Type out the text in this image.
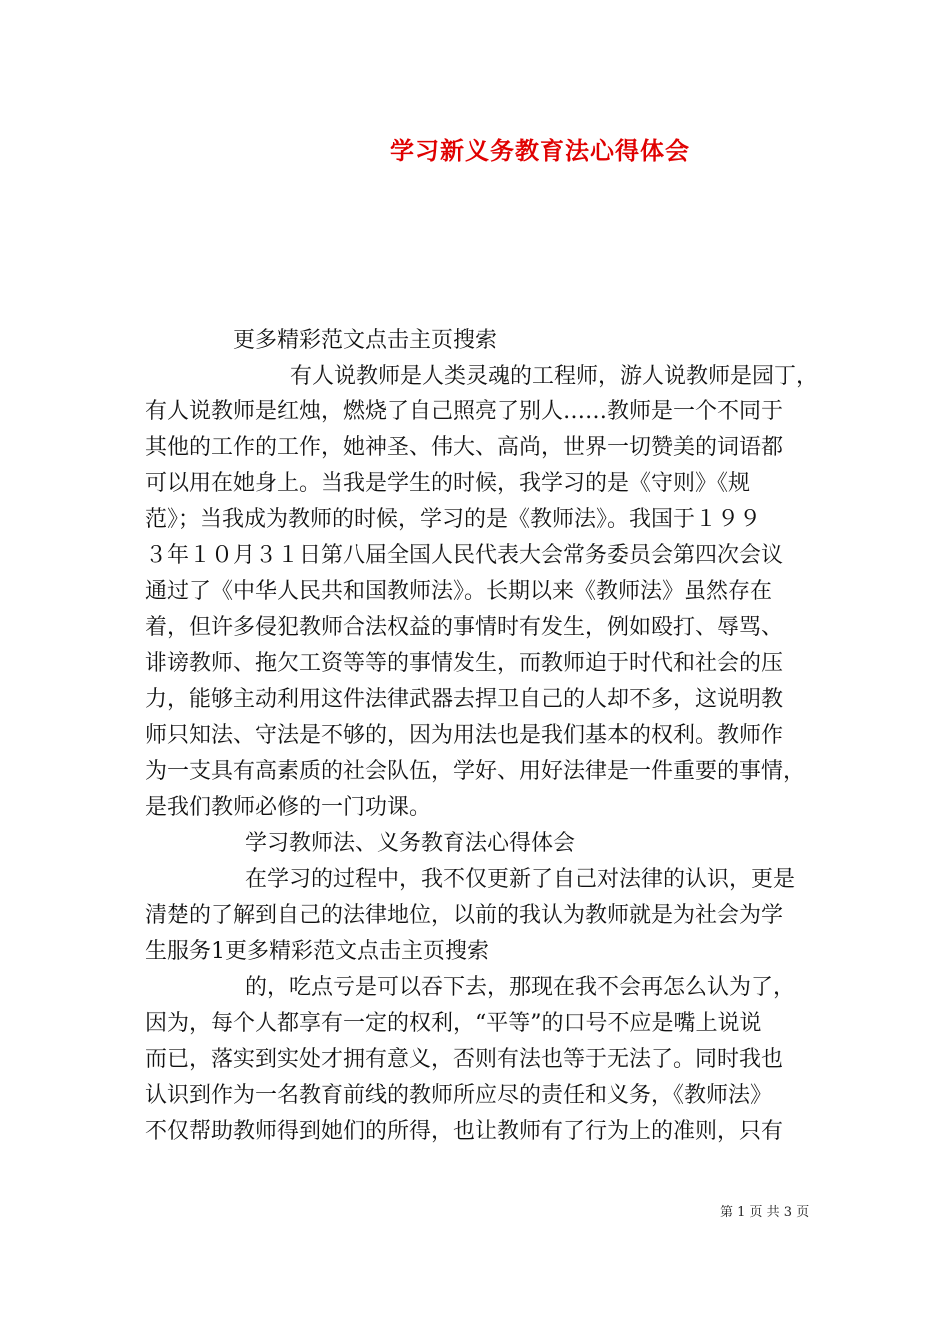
学习新义务教育法心得体会
更多精彩范文点击主页搜索
有人说教师是人类灵魂的工程师，游人说教师是园丁，
有人说教师是红烛，燃烧了自己照亮了别人……教师是一个不同于
其他的工作的工作，她神圣、伟大、高尚，世界一切赞美的词语都
可以用在她身上。当我是学生的时候，我学习的是《守则》《规
范》；当我成为教师的时候，学习的是《教师法》。我国于１９９
３年１０月３１日第八届全国人民代表大会常务委员会第四次会议
通过了《中华人民共和国教师法》。长期以来《教师法》虽然存在
着，但许多侵犯教师合法权益的事情时有发生，例如殴打、辱骂、
诽谤教师、拖欠工资等等的事情发生，而教师迫于时代和社会的压
力，能够主动利用这件法律武器去捍卫自己的人却不多，这说明教
师只知法、守法是不够的，因为用法也是我们基本的权利。教师作
为一支具有高素质的社会队伍，学好、用好法律是一件重要的事情，
是我们教师必修的一门功课。
学习教师法、义务教育法心得体会
在学习的过程中，我不仅更新了自己对法律的认识，更是
清楚的了解到自己的法律地位，以前的我认为教师就是为社会为学
生服务1更多精彩范文点击主页搜索
的，吃点亏是可以吞下去，那现在我不会再怎么认为了，
因为，每个人都享有一定的权利，“平等”的口号不应是嘴上说说
而已，落实到实处才拥有意义，否则有法也等于无法了。同时我也
认识到作为一名教育前线的教师所应尽的责任和义务，《教师法》
不仅帮助教师得到她们的所得，也让教师有了行为上的准则，只有
第 1 页 共 3 页
